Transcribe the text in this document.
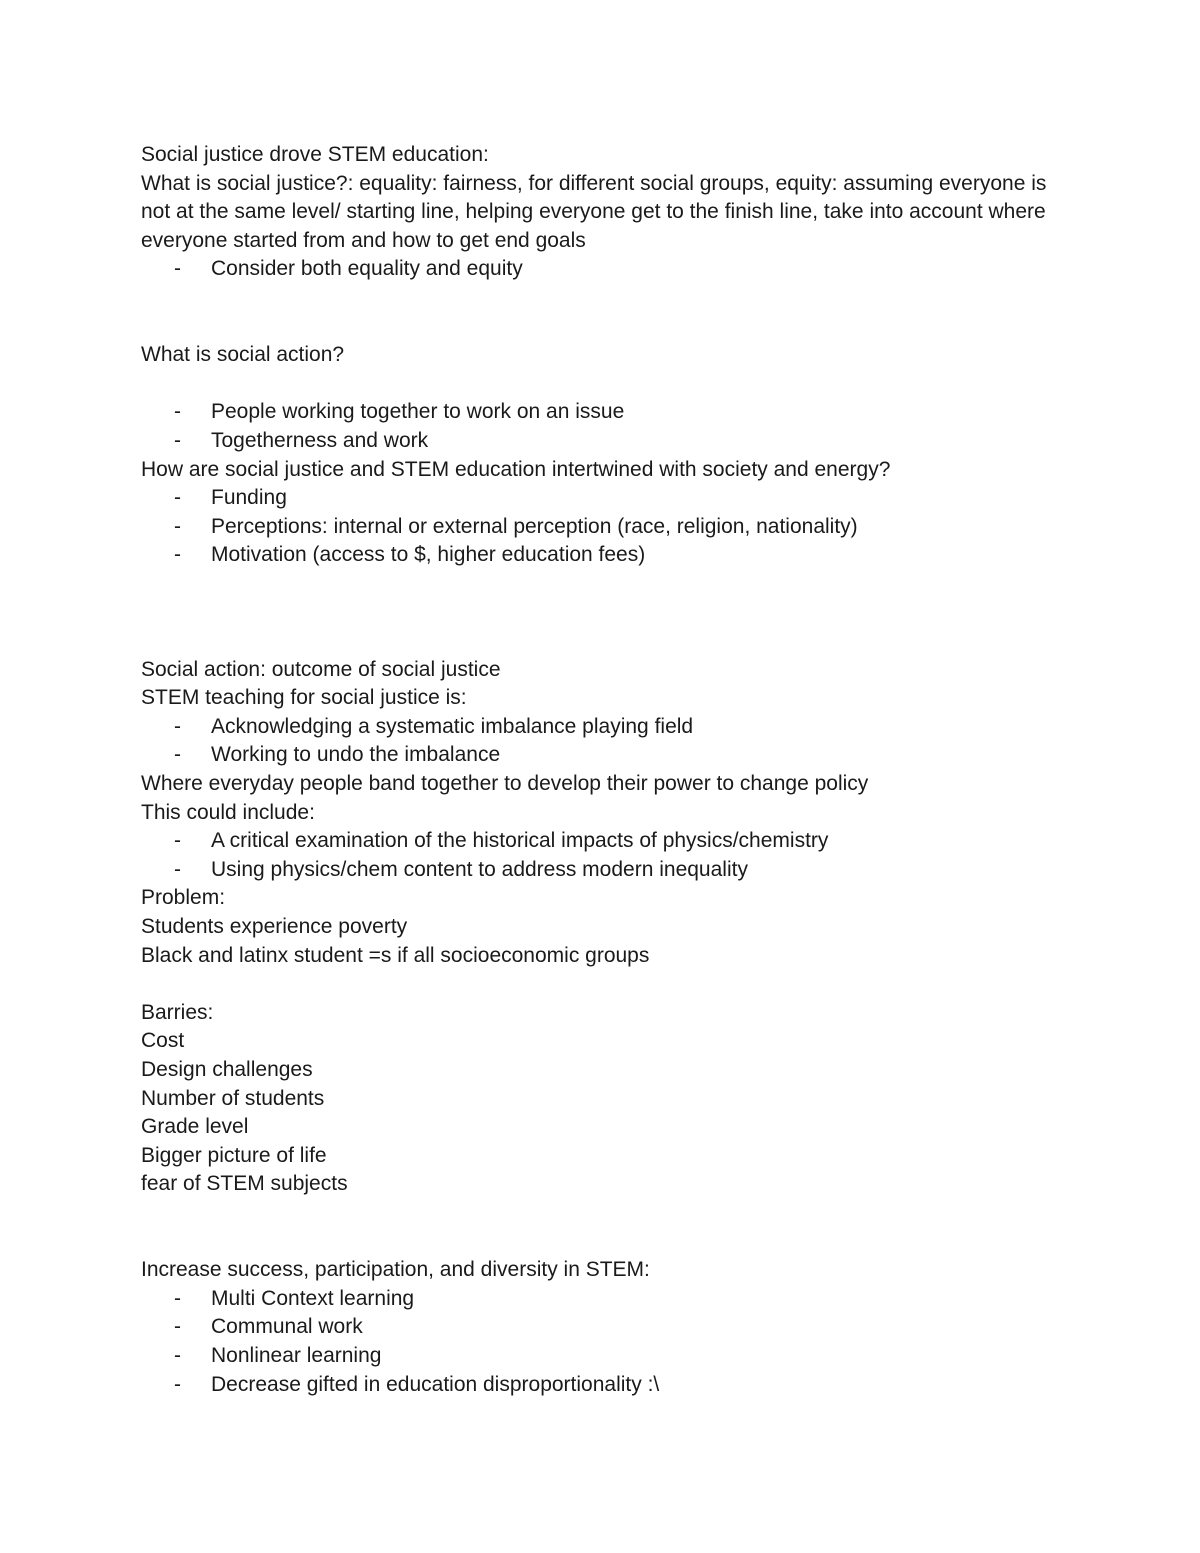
Social justice drove STEM education:

What is social justice?: equality: fairness, for different social groups, equity: assuming everyone is not at the same level/ starting line, helping everyone get to the finish line, take into account where everyone started from and how to get end goals

- Consider both equality and equity

What is social action?

- People working together to work on an issue
- Togetherness and work

How are social justice and STEM education intertwined with society and energy?

- Funding
- Perceptions: internal or external perception (race, religion, nationality)
- Motivation (access to $, higher education fees)

Social action: outcome of social justice

STEM teaching for social justice is:

- Acknowledging a systematic imbalance playing field
- Working to undo the imbalance

Where everyday people band together to develop their power to change policy

This could include:

- A critical examination of the historical impacts of physics/chemistry
- Using physics/chem content to address modern inequality

Problem:

Students experience poverty

Black and latinx student =s if all socioeconomic groups

Barries:

Cost

Design challenges

Number of students

Grade level

Bigger picture of life

fear of STEM subjects

Increase success, participation, and diversity in STEM:

- Multi Context learning
- Communal work
- Nonlinear learning
- Decrease gifted in education disproportionality :\
